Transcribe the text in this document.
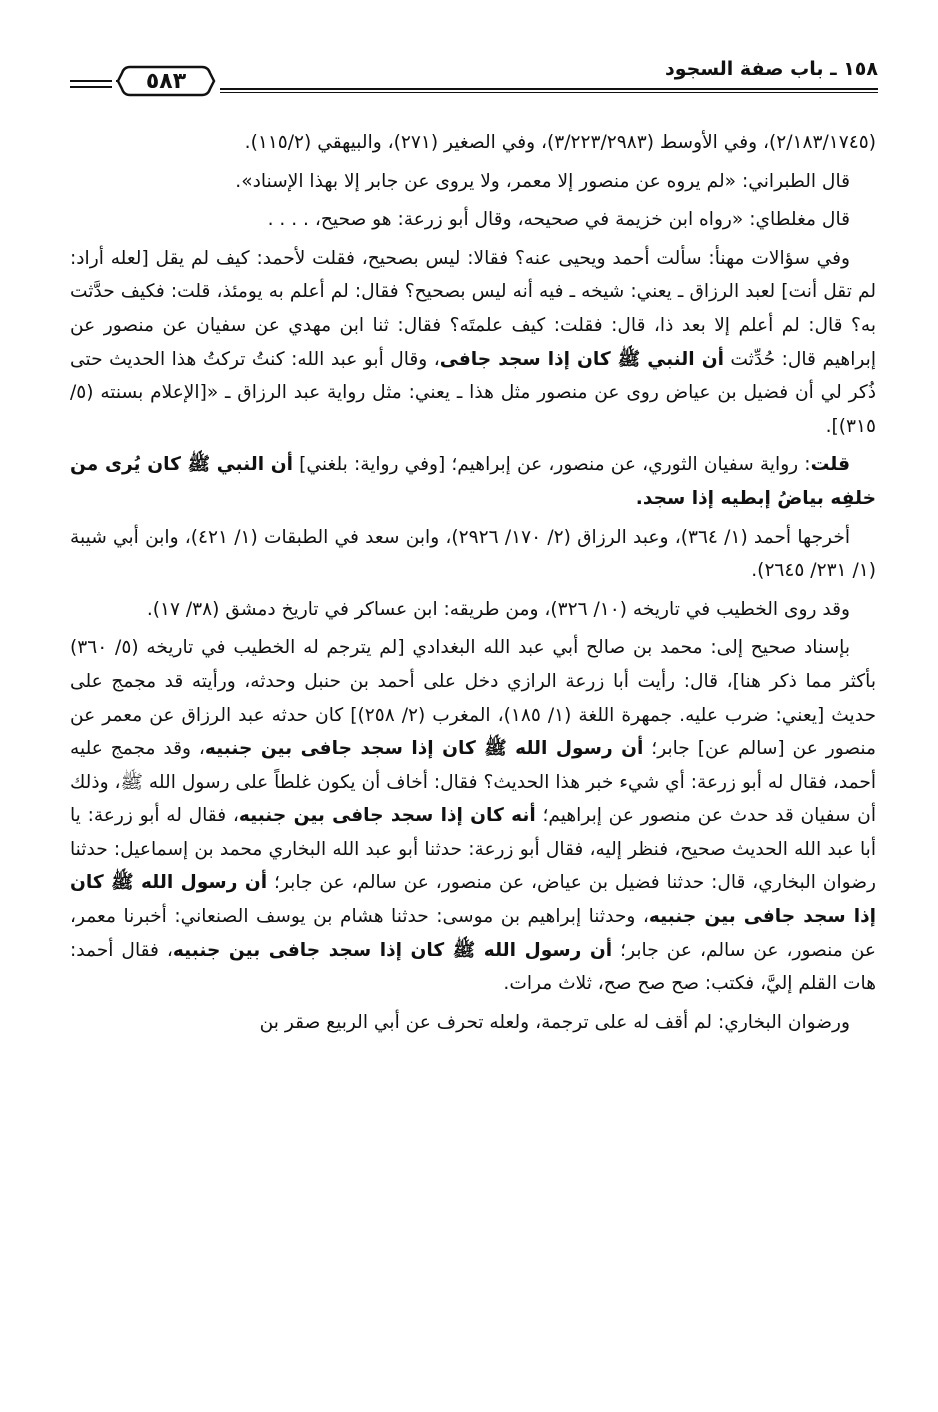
٥٨٣	١٥٨ ـ باب صفة السجود

(٢/١٨٣/١٧٤٥)، وفي الأوسط (٣/٢٢٣/٢٩٨٣)، وفي الصغير (٢٧١)، والبيهقي (١١٥/٢).

قال الطبراني: «لم يروه عن منصور إلا معمر، ولا يروى عن جابر إلا بهذا الإسناد».

قال مغلطاي: «رواه ابن خزيمة في صحيحه، وقال أبو زرعة: هو صحيح، . . . .

وفي سؤالات مهنأ: سألت أحمد ويحيى عنه؟ فقالا: ليس بصحيح، فقلت لأحمد: كيف لم يقل [لعله أراد: لم تقل أنت] لعبد الرزاق ـ يعني: شيخه ـ فيه أنه ليس بصحيح؟ فقال: لم أعلم به يومئذ، قلت: فكيف حدَّثت به؟ قال: لم أعلم إلا بعد ذا، قال: فقلت: كيف علمتَه؟ فقال: ثنا ابن مهدي عن سفيان عن منصور عن إبراهيم قال: حُدِّثت أن النبي ﷺ كان إذا سجد جافى، وقال أبو عبد الله: كنتُ تركتُ هذا الحديث حتى ذُكر لي أن فضيل بن عياض روى عن منصور مثل هذا ـ يعني: مثل رواية عبد الرزاق ـ «[الإعلام بسنته (٥/ ٣١٥)].

قلت: رواية سفيان الثوري، عن منصور، عن إبراهيم؛ [وفي رواية: بلغني] أن النبي ﷺ كان يُرى من خلفِه بياضُ إبطيه إذا سجد.

أخرجها أحمد (١/ ٣٦٤)، وعبد الرزاق (٢/ ١٧٠/ ٢٩٢٦)، وابن سعد في الطبقات (١/ ٤٢١)، وابن أبي شيبة (١/ ٢٣١/ ٢٦٤٥).

وقد روى الخطيب في تاريخه (١٠/ ٣٢٦)، ومن طريقه: ابن عساكر في تاريخ دمشق (٣٨/ ١٧).

بإسناد صحيح إلى: محمد بن صالح أبي عبد الله البغدادي [لم يترجم له الخطيب في تاريخه (٥/ ٣٦٠) بأكثر مما ذكر هنا]، قال: رأيت أبا زرعة الرازي دخل على أحمد بن حنبل وحدثه، ورأيته قد مجمج على حديث [يعني: ضرب عليه. جمهرة اللغة (١/ ١٨٥)، المغرب (٢/ ٢٥٨)] كان حدثه عبد الرزاق عن معمر عن منصور عن [سالم عن] جابر؛ أن رسول الله ﷺ كان إذا سجد جافى بين جنبيه، وقد مجمج عليه أحمد، فقال له أبو زرعة: أي شيء خبر هذا الحديث؟ فقال: أخاف أن يكون غلطاً على رسول الله ﷺ، وذلك أن سفيان قد حدث عن منصور عن إبراهيم؛ أنه كان إذا سجد جافى بين جنبيه، فقال له أبو زرعة: يا أبا عبد الله الحديث صحيح، فنظر إليه، فقال أبو زرعة: حدثنا أبو عبد الله البخاري محمد بن إسماعيل: حدثنا رضوان البخاري، قال: حدثنا فضيل بن عياض، عن منصور، عن سالم، عن جابر؛ أن رسول الله ﷺ كان إذا سجد جافى بين جنبيه، وحدثنا إبراهيم بن موسى: حدثنا هشام بن يوسف الصنعاني: أخبرنا معمر، عن منصور، عن سالم، عن جابر؛ أن رسول الله ﷺ كان إذا سجد جافى بين جنبيه، فقال أحمد: هات القلم إليَّ، فكتب: صح صح صح، ثلاث مرات.

ورضوان البخاري: لم أقف له على ترجمة، ولعله تحرف عن أبي الربيع صقر بن
